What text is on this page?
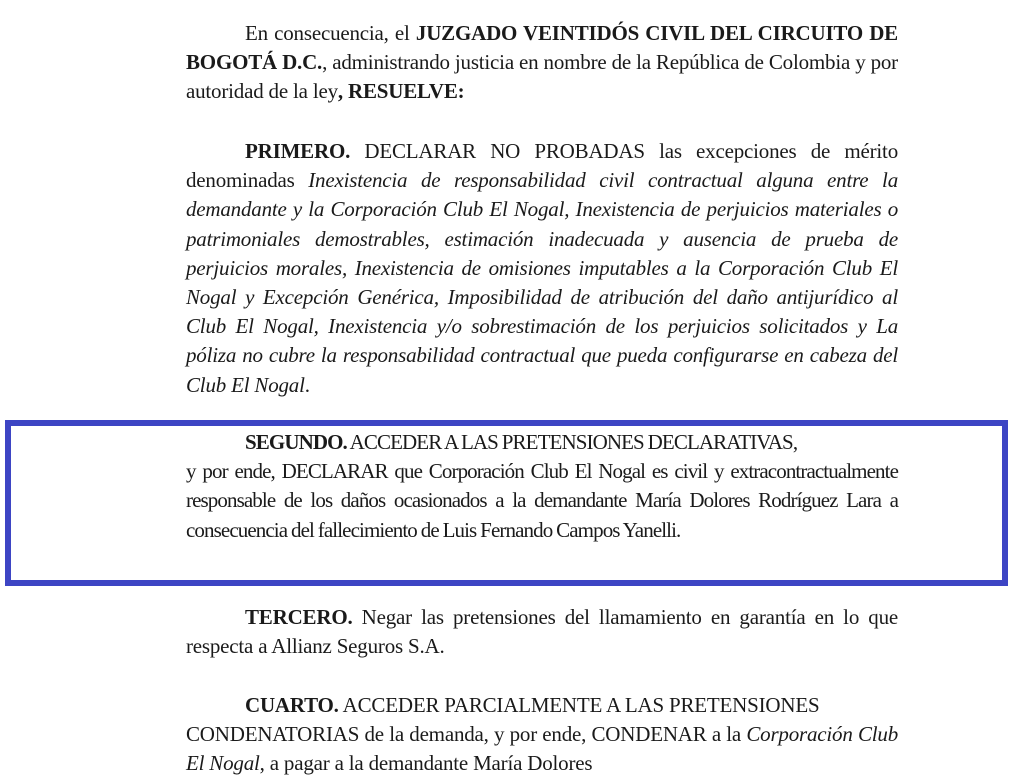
En consecuencia, el JUZGADO VEINTIDÓS CIVIL DEL CIRCUITO DE BOGOTÁ D.C., administrando justicia en nombre de la República de Colombia y por autoridad de la ley, RESUELVE:

PRIMERO. DECLARAR NO PROBADAS las excepciones de mérito denominadas Inexistencia de responsabilidad civil contractual alguna entre la demandante y la Corporación Club El Nogal, Inexistencia de perjuicios materiales o patrimoniales demostrables, estimación inadecuada y ausencia de prueba de perjuicios morales, Inexistencia de omisiones imputables a la Corporación Club El Nogal y Excepción Genérica, Imposibilidad de atribución del daño antijurídico al Club El Nogal, Inexistencia y/o sobrestimación de los perjuicios solicitados y La póliza no cubre la responsabilidad contractual que pueda configurarse en cabeza del Club El Nogal.

SEGUNDO. ACCEDER A LAS PRETENSIONES DECLARATIVAS,
y por ende, DECLARAR que Corporación Club El Nogal es civil y extracontractualmente responsable de los daños ocasionados a la demandante María Dolores Rodríguez Lara a consecuencia del fallecimiento de Luis Fernando Campos Yanelli.

TERCERO. Negar las pretensiones del llamamiento en garantía en lo que respecta a Allianz Seguros S.A.

CUARTO. ACCEDER PARCIALMENTE A LAS PRETENSIONES
CONDENATORIAS de la demanda, y por ende, CONDENAR a la Corporación Club El Nogal, a pagar a la demandante María Dolores
